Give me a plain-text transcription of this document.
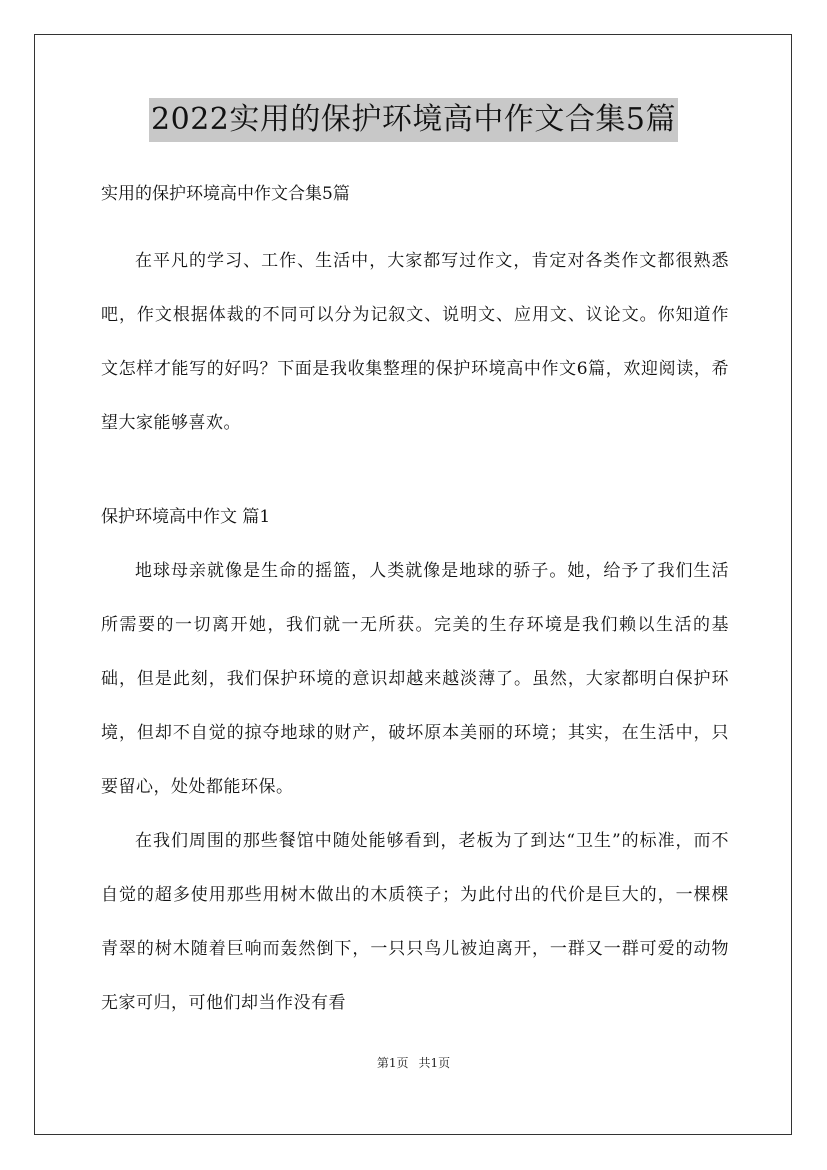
2022实用的保护环境高中作文合集5篇

实用的保护环境高中作文合集5篇

在平凡的学习、工作、生活中，大家都写过作文，肯定对各类作文都很熟悉吧，作文根据体裁的不同可以分为记叙文、说明文、应用文、议论文。你知道作文怎样才能写的好吗？下面是我收集整理的保护环境高中作文6篇，欢迎阅读，希望大家能够喜欢。

保护环境高中作文 篇1

地球母亲就像是生命的摇篮，人类就像是地球的骄子。她，给予了我们生活所需要的一切离开她，我们就一无所获。完美的生存环境是我们赖以生活的基础，但是此刻，我们保护环境的意识却越来越淡薄了。虽然，大家都明白保护环境，但却不自觉的掠夺地球的财产，破坏原本美丽的环境；其实，在生活中，只要留心，处处都能环保。

在我们周围的那些餐馆中随处能够看到，老板为了到达“卫生”的标准，而不自觉的超多使用那些用树木做出的木质筷子；为此付出的代价是巨大的，一棵棵青翠的树木随着巨响而轰然倒下，一只只鸟儿被迫离开，一群又一群可爱的动物无家可归，可他们却当作没有看

第1页 共1页
